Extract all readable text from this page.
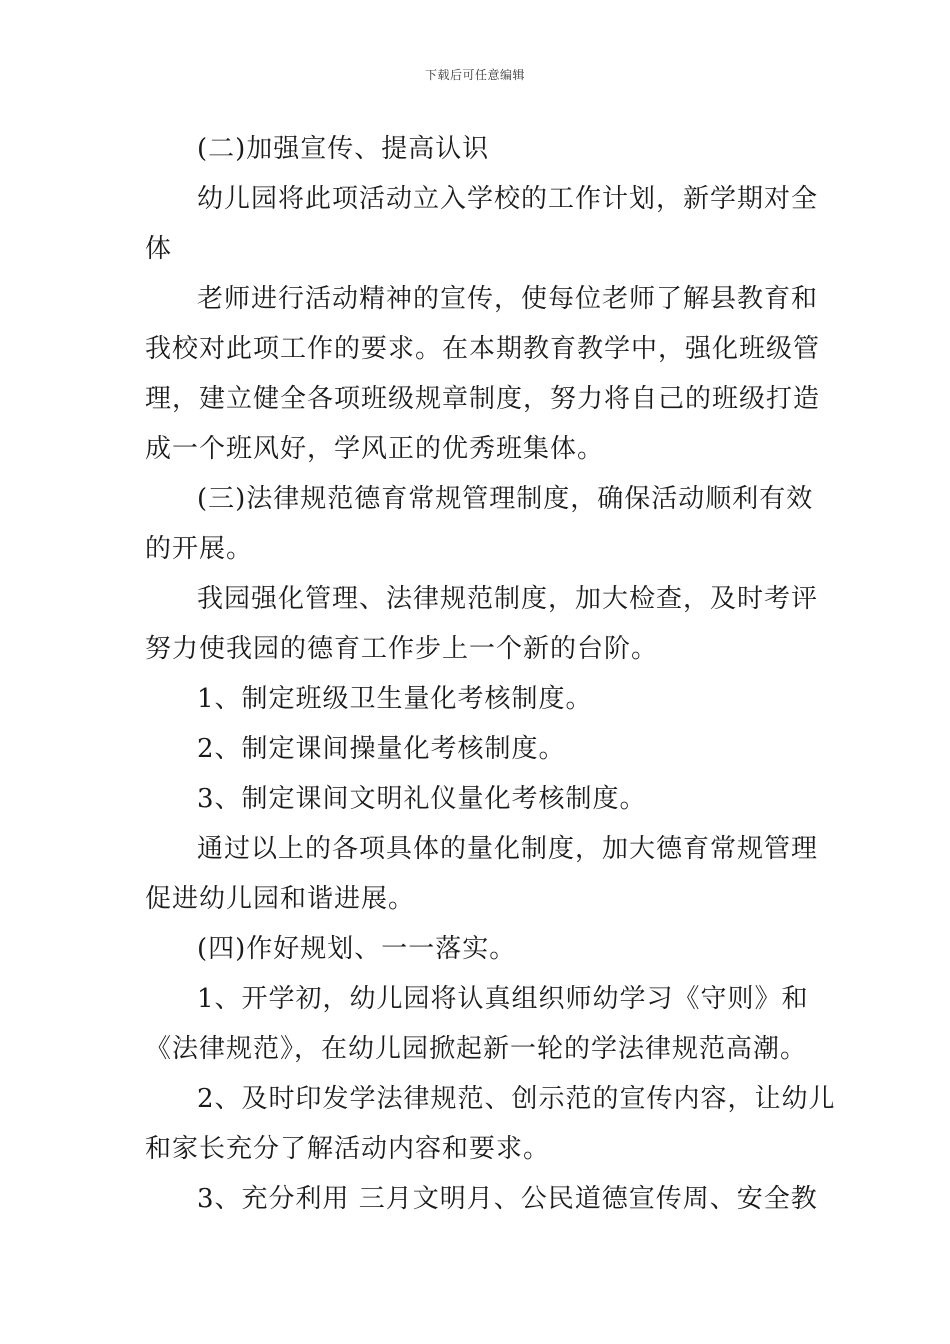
下载后可任意编辑
(二)加强宣传、提高认识
幼儿园将此项活动立入学校的工作计划，新学期对全
体
老师进行活动精神的宣传，使每位老师了解县教育和
我校对此项工作的要求。在本期教育教学中，强化班级管
理，建立健全各项班级规章制度，努力将自己的班级打造
成一个班风好，学风正的优秀班集体。
(三)法律规范德育常规管理制度，确保活动顺利有效
的开展。
我园强化管理、法律规范制度，加大检查，及时考评
努力使我园的德育工作步上一个新的台阶。
1、制定班级卫生量化考核制度。
2、制定课间操量化考核制度。
3、制定课间文明礼仪量化考核制度。
通过以上的各项具体的量化制度，加大德育常规管理
促进幼儿园和谐进展。
(四)作好规划、一一落实。
1、开学初，幼儿园将认真组织师幼学习《守则》和
《法律规范》，在幼儿园掀起新一轮的学法律规范高潮。
2、及时印发学法律规范、创示范的宣传内容，让幼儿
和家长充分了解活动内容和要求。
3、充分利用 三月文明月、公民道德宣传周、安全教
